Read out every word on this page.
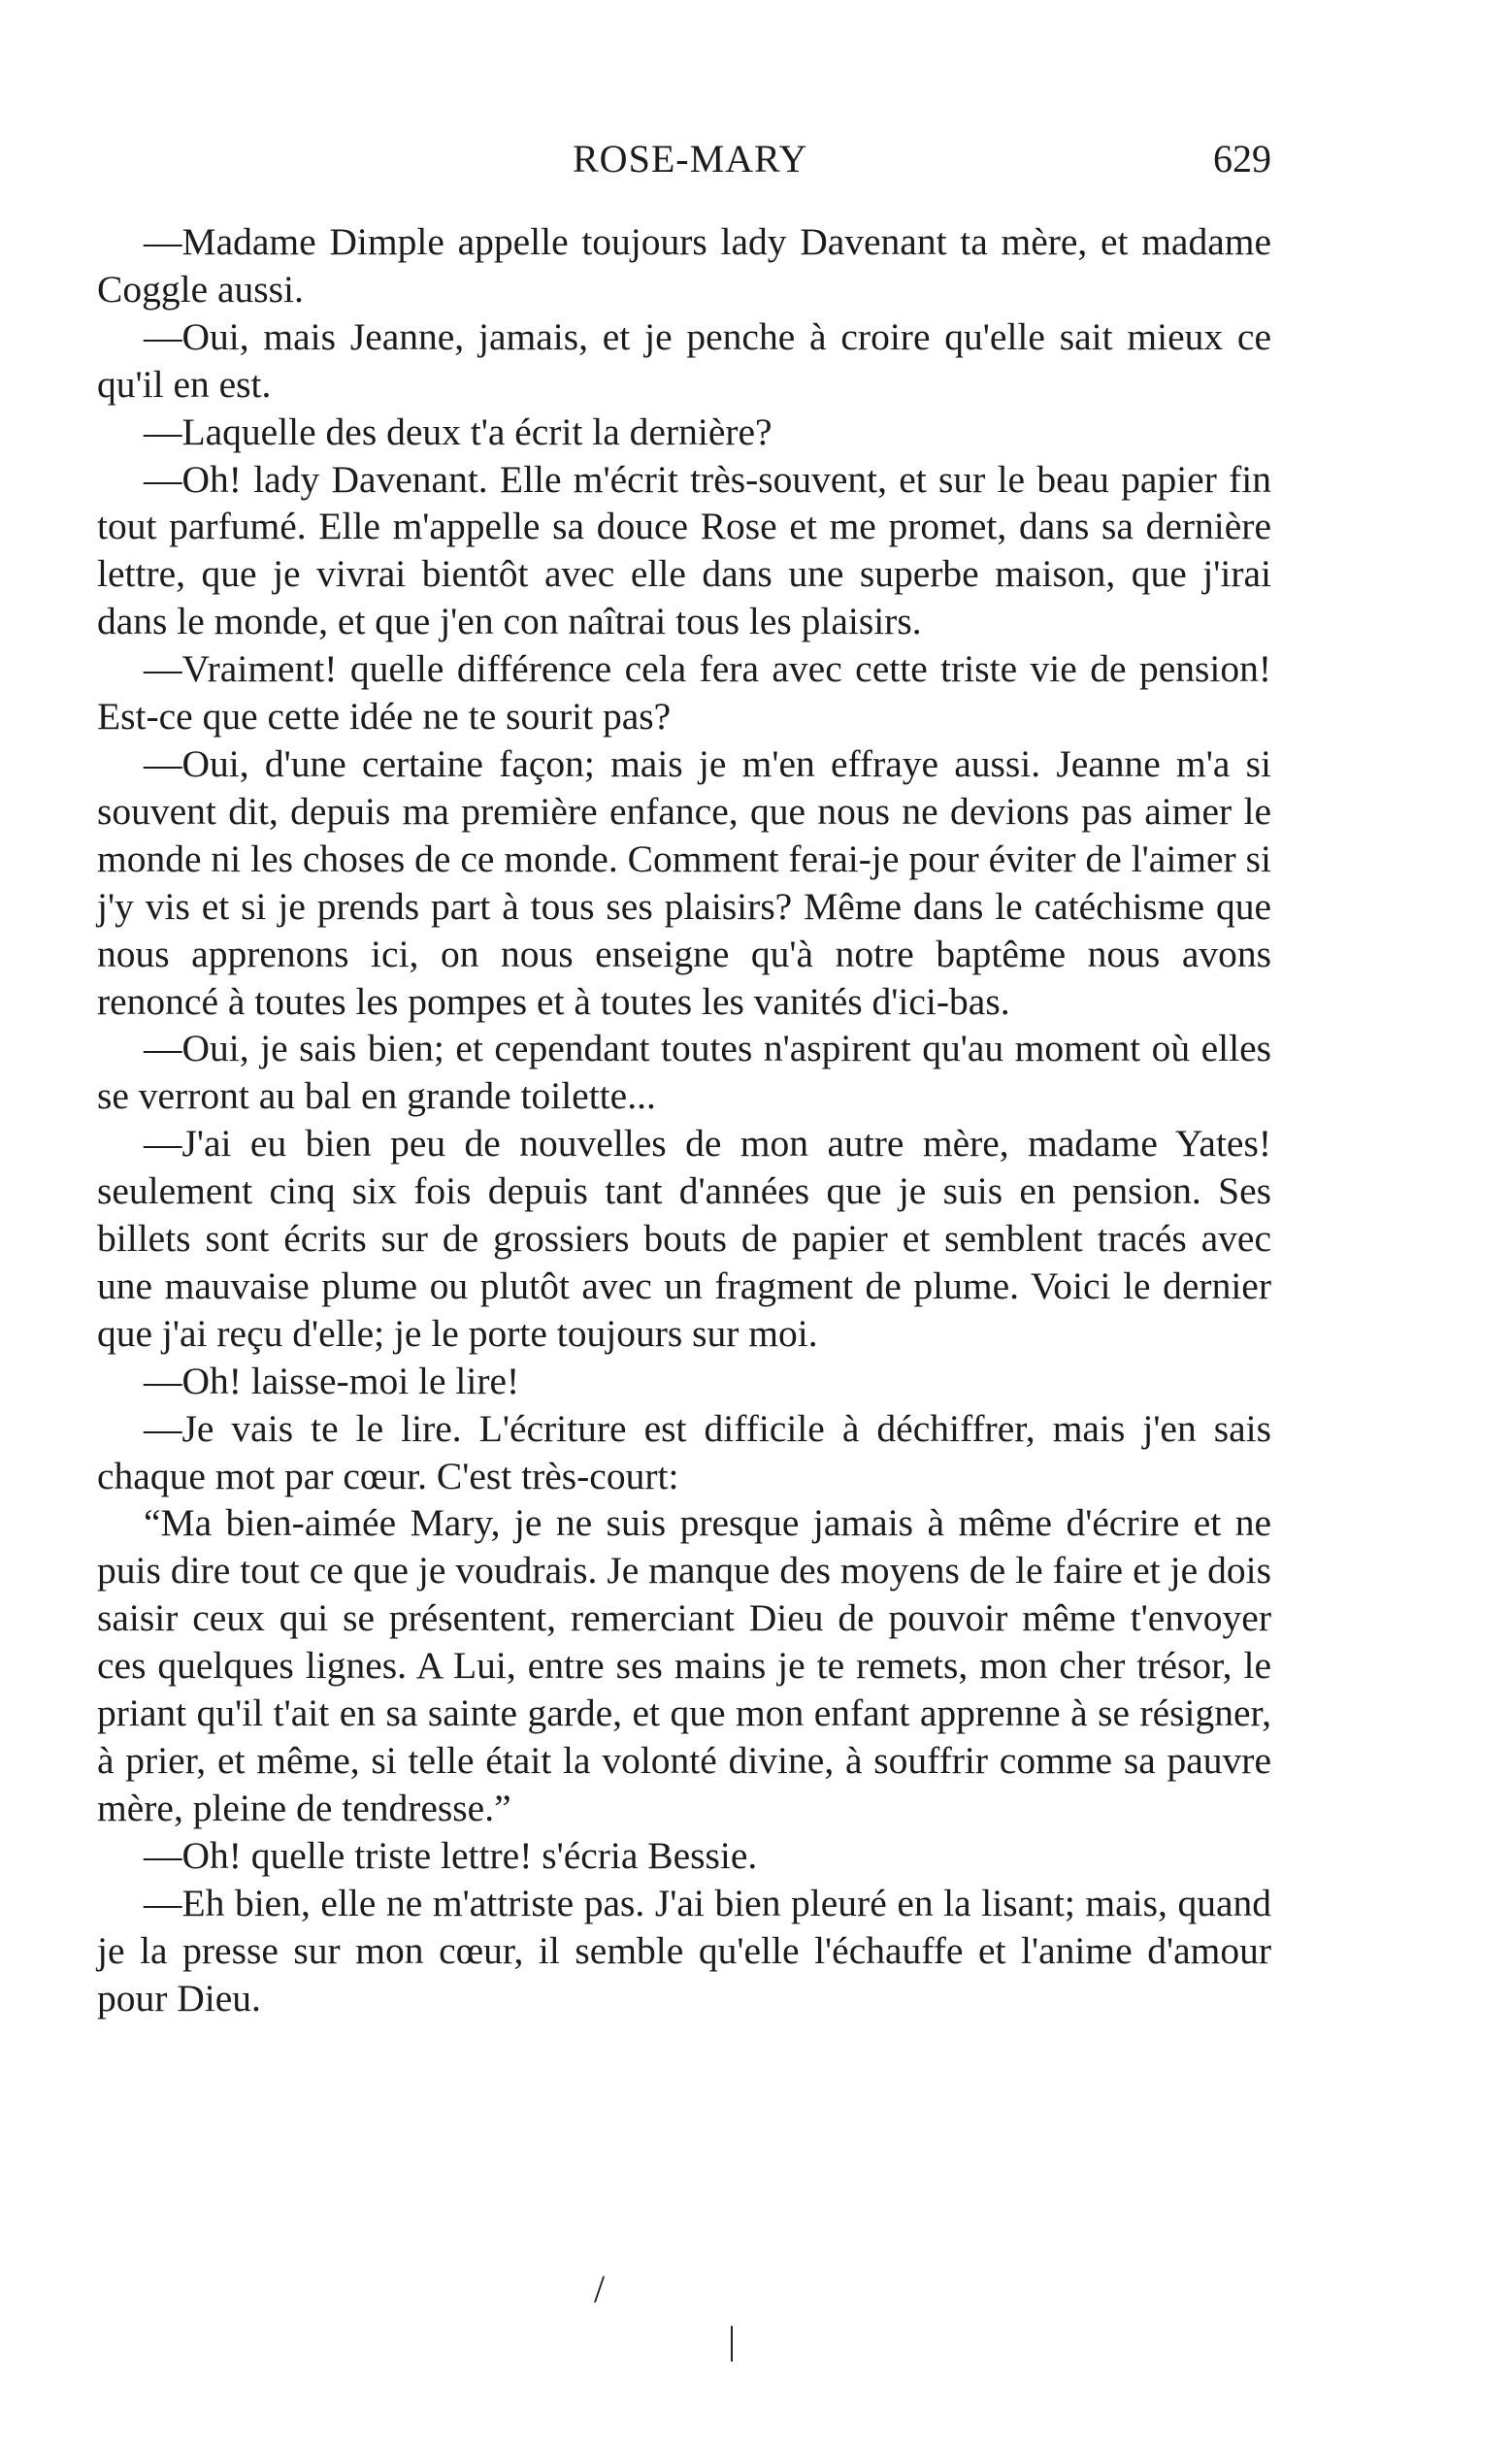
ROSE-MARY	629

—Madame Dimple appelle toujours lady Davenant ta mère, et madame Coggle aussi.

—Oui, mais Jeanne, jamais, et je penche à croire qu'elle sait mieux ce qu'il en est.

—Laquelle des deux t'a écrit la dernière?

—Oh! lady Davenant. Elle m'écrit très-souvent, et sur le beau papier fin tout parfumé. Elle m'appelle sa douce Rose et me promet, dans sa dernière lettre, que je vivrai bientôt avec elle dans une superbe maison, que j'irai dans le monde, et que j'en con naîtrai tous les plaisirs.

—Vraiment! quelle différence cela fera avec cette triste vie de pension! Est-ce que cette idée ne te sourit pas?

—Oui, d'une certaine façon; mais je m'en effraye aussi. Jeanne m'a si souvent dit, depuis ma première enfance, que nous ne devions pas aimer le monde ni les choses de ce monde. Comment ferai-je pour éviter de l'aimer si j'y vis et si je prends part à tous ses plaisirs? Même dans le catéchisme que nous apprenons ici, on nous enseigne qu'à notre baptême nous avons renoncé à toutes les pompes et à toutes les vanités d'ici-bas.

—Oui, je sais bien; et cependant toutes n'aspirent qu'au moment où elles se verront au bal en grande toilette...

—J'ai eu bien peu de nouvelles de mon autre mère, madame Yates! seulement cinq six fois depuis tant d'années que je suis en pension. Ses billets sont écrits sur de grossiers bouts de papier et semblent tracés avec une mauvaise plume ou plutôt avec un fragment de plume. Voici le dernier que j'ai reçu d'elle; je le porte toujours sur moi.

—Oh! laisse-moi le lire!

—Je vais te le lire. L'écriture est difficile à déchiffrer, mais j'en sais chaque mot par cœur. C'est très-court:

“Ma bien-aimée Mary, je ne suis presque jamais à même d'écrire et ne puis dire tout ce que je voudrais. Je manque des moyens de le faire et je dois saisir ceux qui se présentent, remerciant Dieu de pouvoir même t'envoyer ces quelques lignes. A Lui, entre ses mains je te remets, mon cher trésor, le priant qu'il t'ait en sa sainte garde, et que mon enfant apprenne à se résigner, à prier, et même, si telle était la volonté divine, à souffrir comme sa pauvre mère, pleine de tendresse.”

—Oh! quelle triste lettre! s'écria Bessie.

—Eh bien, elle ne m'attriste pas. J'ai bien pleuré en la lisant; mais, quand je la presse sur mon cœur, il semble qu'elle l'échauffe et l'anime d'amour pour Dieu.

/
|
